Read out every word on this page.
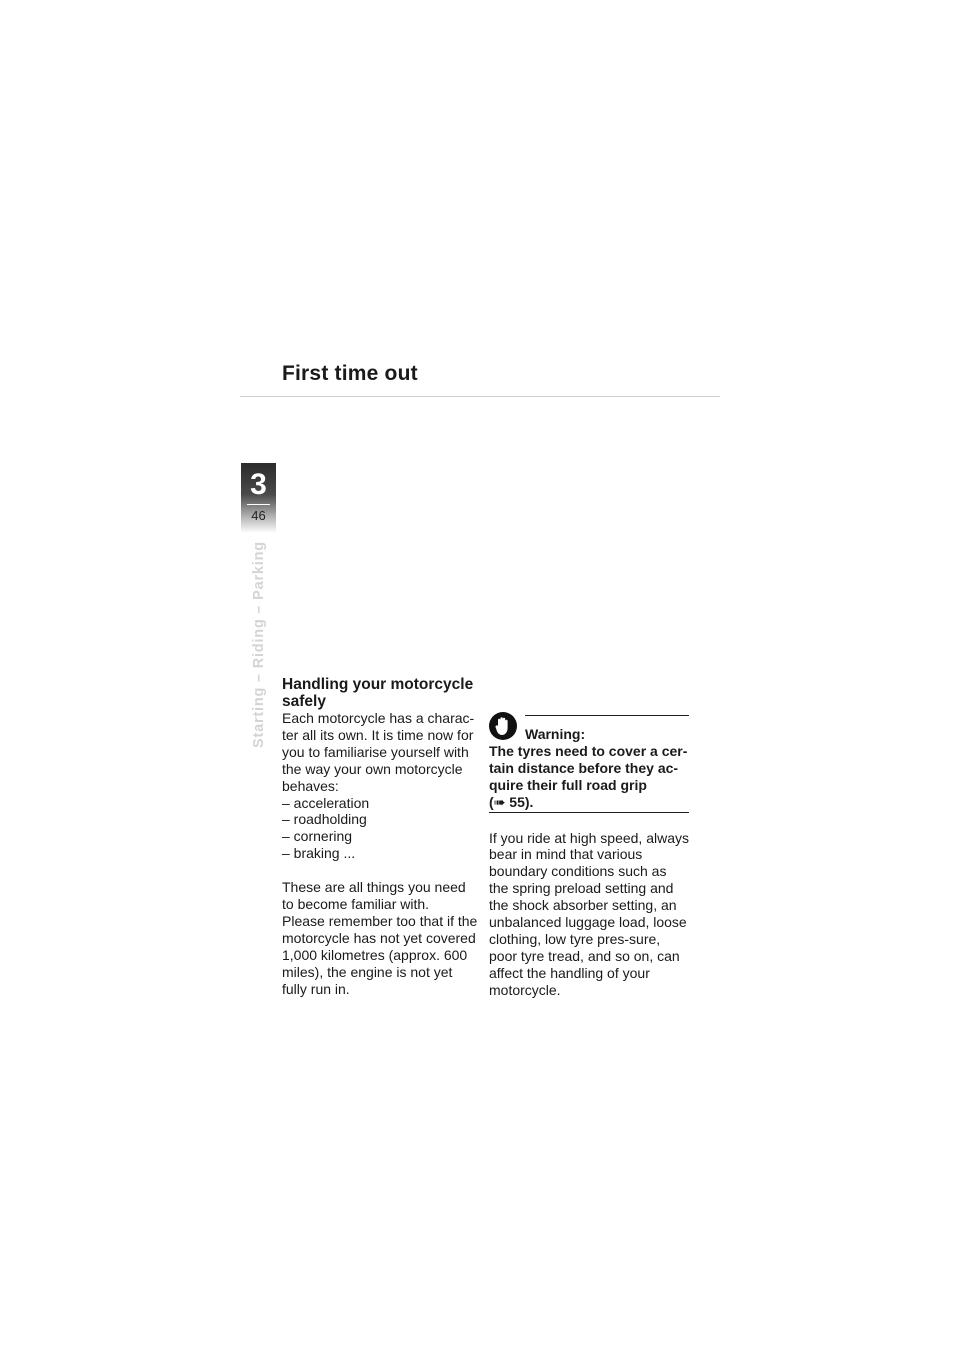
First time out
3
46
Starting – Riding – Parking Handling your motorcycle safely

Each motorcycle has a charac-ter all its own. It is time now for you to familiarise yourself with the way your own motorcycle behaves:

– acceleration
– roadholding
– cornering
– braking ...

These are all things you need to become familiar with.

Please remember too that if the motorcycle has not yet covered 1,000 kilometres (approx. 600 miles), the engine is not yet fully run in.

Warning:
The tyres need to cover a cer-tain distance before they ac-quire their full road grip
(➠ 55).

If you ride at high speed, always bear in mind that various boundary conditions such as the spring preload setting and the shock absorber setting, an unbalanced luggage load, loose clothing, low tyre pres-sure, poor tyre tread, and so on, can affect the handling of your motorcycle.
